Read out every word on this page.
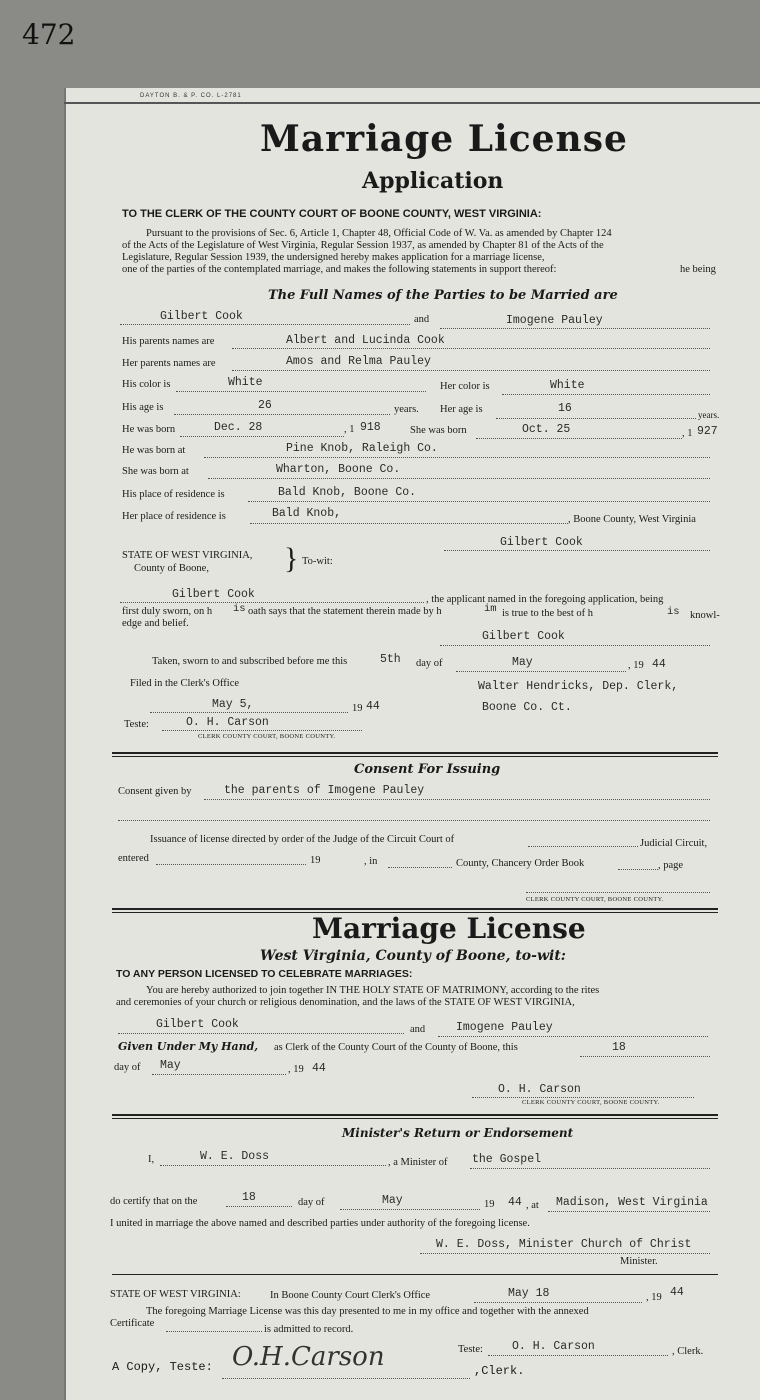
472
DAYTON B. & P. CO. L-2781
Marriage License
Application
TO THE CLERK OF THE COUNTY COURT OF BOONE COUNTY, WEST VIRGINIA:
Pursuant to the provisions of Sec. 6, Article 1, Chapter 48, Official Code of W. Va. as amended by Chapter 124
of the Acts of the Legislature of West Virginia, Regular Session 1937, as amended by Chapter 81 of the Acts of the
Legislature, Regular Session 1939, the undersigned hereby makes application for a marriage license,
he being
one of the parties of the contemplated marriage, and makes the following statements in support thereof:
The Full Names of the Parties to be Married are
Gilbert Cook	and	Imogene Pauley
His parents names are	Albert and Lucinda Cook
Her parents names are	Amos and Relma Pauley
His color is	White	Her color is	White
His age is	26	years. Her age is	16	years.
He was born	Dec. 28	, 1 918	She was born	Oct. 25	, 1 927
He was born at	Pine Knob, Raleigh Co.
She was born at	Wharton, Boone Co.
His place of residence is	Bald Knob, Boone Co.
Her place of residence is	Bald Knob,	, Boone County, West Virginia
Gilbert Cook
STATE OF WEST VIRGINIA,
County of Boone,	} To-wit:
Gilbert Cook	, the applicant named in the foregoing application, being
first duly sworn, on h is oath says that the statement therein made by h	im is true to the best of h	is knowl-
edge and belief.
Gilbert Cook
Taken, sworn to and subscribed before me this	5th day of	May	, 19 44
Filed in the Clerk's Office	Walter Hendricks, Dep. Clerk,
May 5,	19 44	Boone Co. Ct.
Teste:	O. H. Carson
CLERK COUNTY COURT, BOONE COUNTY.
Consent For Issuing
Consent given by	the parents of Imogene Pauley
Issuance of license directed by order of the Judge of the Circuit Court of	Judicial Circuit,
entered	19	, in	County, Chancery Order Book	, page
CLERK COUNTY COURT, BOONE COUNTY.
Marriage License
West Virginia, County of Boone, to-wit:
TO ANY PERSON LICENSED TO CELEBRATE MARRIAGES:
You are hereby authorized to join together IN THE HOLY STATE OF MATRIMONY, according to the rites
and ceremonies of your church or religious denomination, and the laws of the STATE OF WEST VIRGINIA,
Gilbert Cook	and	Imogene Pauley
Given Under My Hand, as Clerk of the County Court of the County of Boone, this	18
day of May	, 19 44
O. H. Carson
CLERK COUNTY COURT, BOONE COUNTY.
Minister's Return or Endorsement
I,	W. E. Doss	, a Minister of the Gospel
do certify that on the	18	day of	May	19 44 , at Madison, West Virginia
I united in marriage the above named and described parties under authority of the foregoing license.
W. E. Doss, Minister Church of Christ
Minister.
STATE OF WEST VIRGINIA:	In Boone County Court Clerk's Office	May 18	, 19 44
The foregoing Marriage License was this day presented to me in my office and together with the annexed
Certificate
is admitted to record.
Teste:	O. H. Carson	, Clerk.
A Copy, Teste: O.H.Carson	,Clerk.
